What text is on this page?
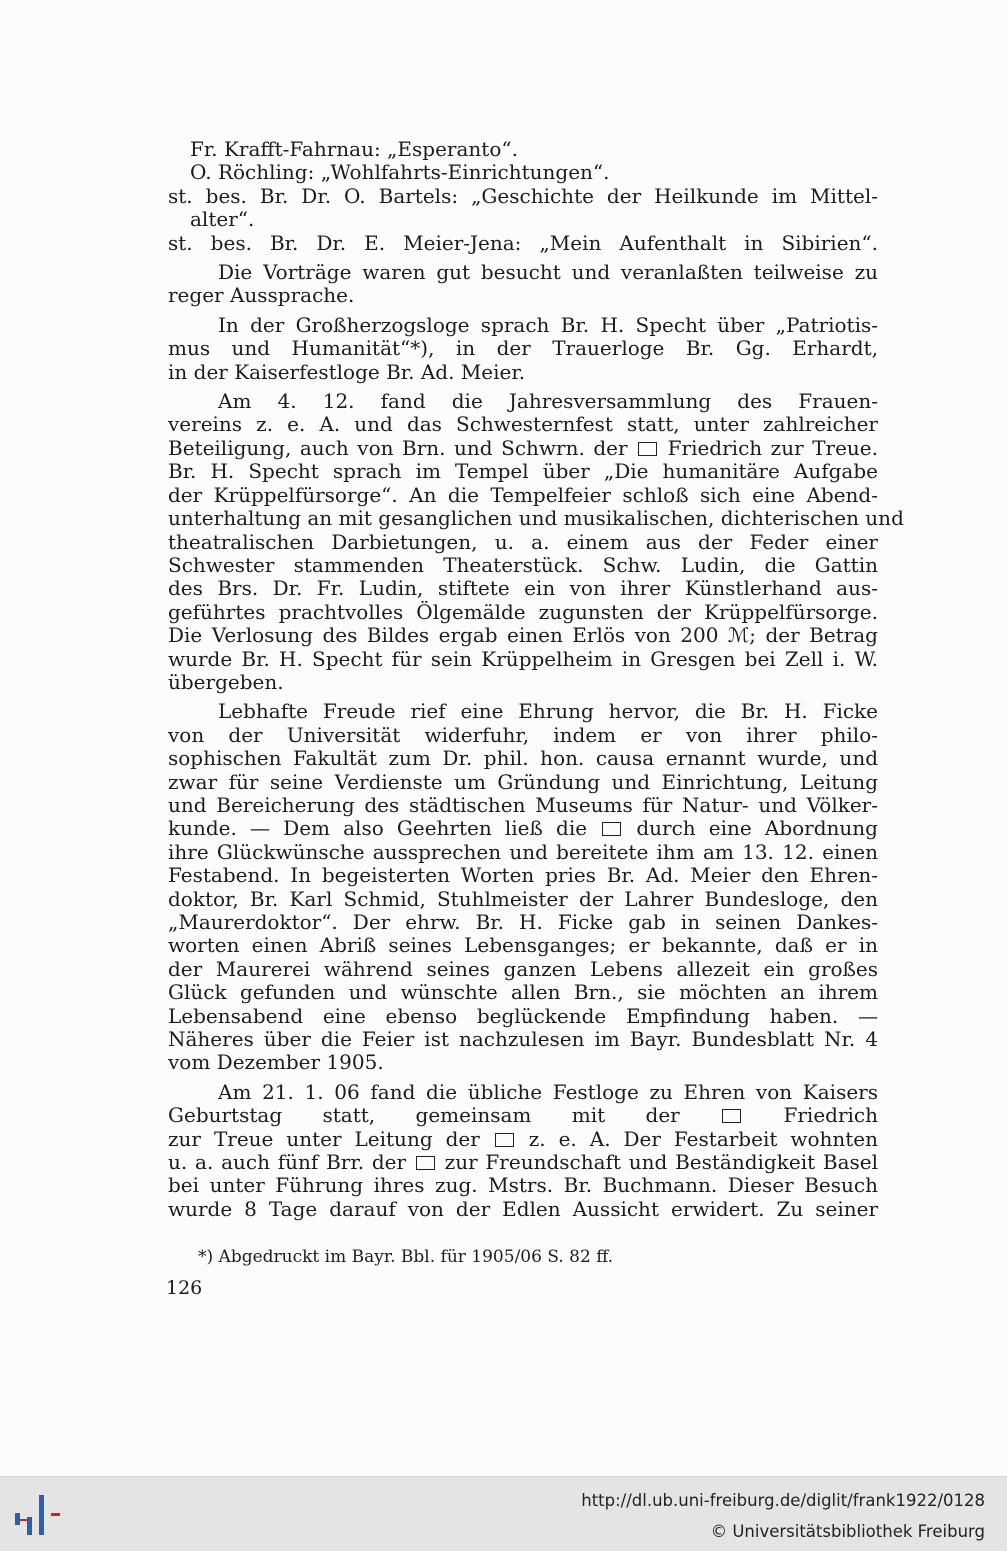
Fr. Krafft-Fahrnau: „Esperanto“.
O. Röchling: „Wohlfahrts-Einrichtungen“.
st. bes. Br. Dr. O. Bartels: „Geschichte der Heilkunde im Mittel-
alter“.
st. bes. Br. Dr. E. Meier-Jena: „Mein Aufenthalt in Sibirien“.
Die Vorträge waren gut besucht und veranlaßten teilweise zu
reger Aussprache.
In der Großherzogsloge sprach Br. H. Specht über „Patriotis-
mus und Humanität“*), in der Trauerloge Br. Gg. Erhardt,
in der Kaiserfestloge Br. Ad. Meier.
Am 4. 12. fand die Jahresversammlung des Frauen-
vereins z. e. A. und das Schwesternfest statt, unter zahlreicher
Beteiligung, auch von Brn. und Schwrn. der Friedrich zur Treue.
Br. H. Specht sprach im Tempel über „Die humanitäre Aufgabe
der Krüppelfürsorge“. An die Tempelfeier schloß sich eine Abend-
unterhaltung an mit gesanglichen und musikalischen, dichterischen und
theatralischen Darbietungen, u. a. einem aus der Feder einer
Schwester stammenden Theaterstück. Schw. Ludin, die Gattin
des Brs. Dr. Fr. Ludin, stiftete ein von ihrer Künstlerhand aus-
geführtes prachtvolles Ölgemälde zugunsten der Krüppelfürsorge.
Die Verlosung des Bildes ergab einen Erlös von 200 ℳ; der Betrag
wurde Br. H. Specht für sein Krüppelheim in Gresgen bei Zell i. W.
übergeben.
Lebhafte Freude rief eine Ehrung hervor, die Br. H. Ficke
von der Universität widerfuhr, indem er von ihrer philo-
sophischen Fakultät zum Dr. phil. hon. causa ernannt wurde, und
zwar für seine Verdienste um Gründung und Einrichtung, Leitung
und Bereicherung des städtischen Museums für Natur- und Völker-
kunde. — Dem also Geehrten ließ die durch eine Abordnung
ihre Glückwünsche aussprechen und bereitete ihm am 13. 12. einen
Festabend. In begeisterten Worten pries Br. Ad. Meier den Ehren-
doktor, Br. Karl Schmid, Stuhlmeister der Lahrer Bundesloge, den
„Maurerdoktor“. Der ehrw. Br. H. Ficke gab in seinen Dankes-
worten einen Abriß seines Lebensganges; er bekannte, daß er in
der Maurerei während seines ganzen Lebens allezeit ein großes
Glück gefunden und wünschte allen Brn., sie möchten an ihrem
Lebensabend eine ebenso beglückende Empfindung haben. —
Näheres über die Feier ist nachzulesen im Bayr. Bundesblatt Nr. 4
vom Dezember 1905.
Am 21. 1. 06 fand die übliche Festloge zu Ehren von Kaisers
Geburtstag statt, gemeinsam mit der	Friedrich
zur Treue unter Leitung der z. e. A. Der Festarbeit wohnten
u. a. auch fünf Brr. der zur Freundschaft und Beständigkeit Basel
bei unter Führung ihres zug. Mstrs. Br. Buchmann. Dieser Besuch
wurde 8 Tage darauf von der Edlen Aussicht erwidert. Zu seiner
*) Abgedruckt im Bayr. Bbl. für 1905/06 S. 82 ff.
126
http://dl.ub.uni-freiburg.de/diglit/frank1922/0128
© Universitätsbibliothek Freiburg
